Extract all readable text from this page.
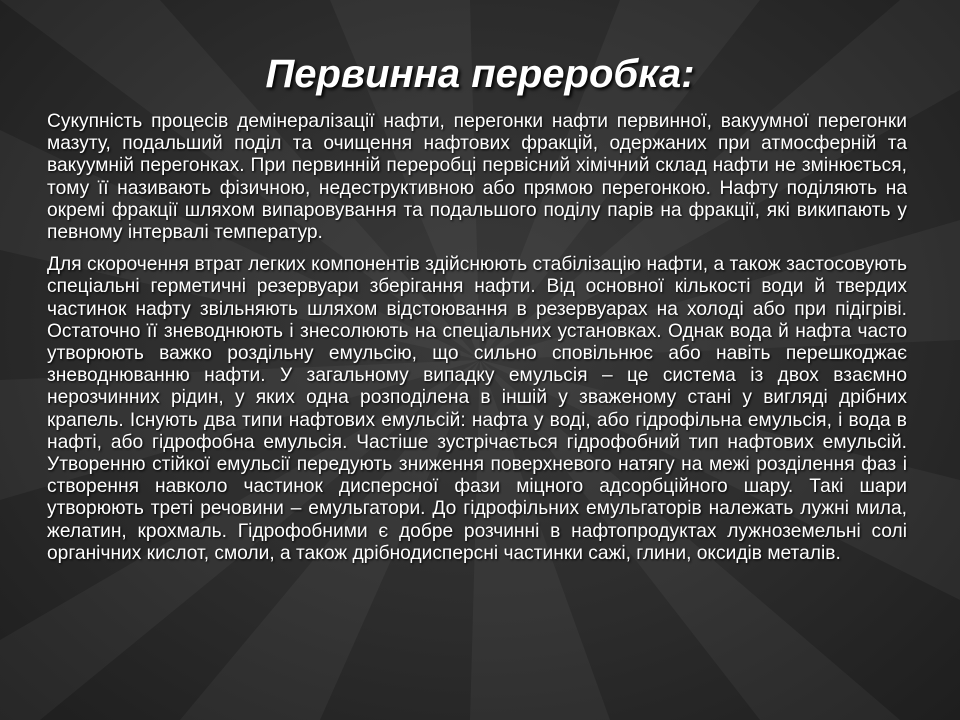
Первинна переробка:

Сукупність процесів демінералізації нафти, перегонки нафти первинної, вакуумної перегонки мазуту, подальший поділ та очищення нафтових фракцій, одержаних при атмосферній та вакуумній перегонках. При первинній переробці первісний хімічний склад нафти не змінюється, тому її називають фізичною, недеструктивною або прямою перегонкою. Нафту поділяють на окремі фракції шляхом випаровування та подальшого поділу парів на фракції, які википають у певному інтервалі температур.

Для скорочення втрат легких компонентів здійснюють стабілізацію нафти, а також застосовують спеціальні герметичні резервуари зберігання нафти. Від основної кількості води й твердих частинок нафту звільняють шляхом відстоювання в резервуарах на холоді або при підігріві. Остаточно її зневоднюють і знесолюють на спеціальних установках. Однак вода й нафта часто утворюють важко роздільну емульсію, що сильно сповільнює або навіть перешкоджає зневоднюванню нафти. У загальному випадку емульсія – це система із двох взаємно нерозчинних рідин, у яких одна розподілена в іншій у зваженому стані у вигляді дрібних крапель. Існують два типи нафтових емульсій: нафта у воді, або гідрофільна емульсія, і вода в нафті, або гідрофобна емульсія. Частіше зустрічається гідрофобний тип нафтових емульсій. Утворенню стійкої емульсії передують зниження поверхневого натягу на межі розділення фаз і створення навколо частинок дисперсної фази міцного адсорбційного шару. Такі шари утворюють треті речовини – емульгатори. До гідрофільних емульгаторів належать лужні мила, желатин, крохмаль. Гідрофобними є добре розчинні в нафтопродуктах лужноземельні солі органічних кислот, смоли, а також дрібнодисперсні частинки сажі, глини, оксидів металів.
